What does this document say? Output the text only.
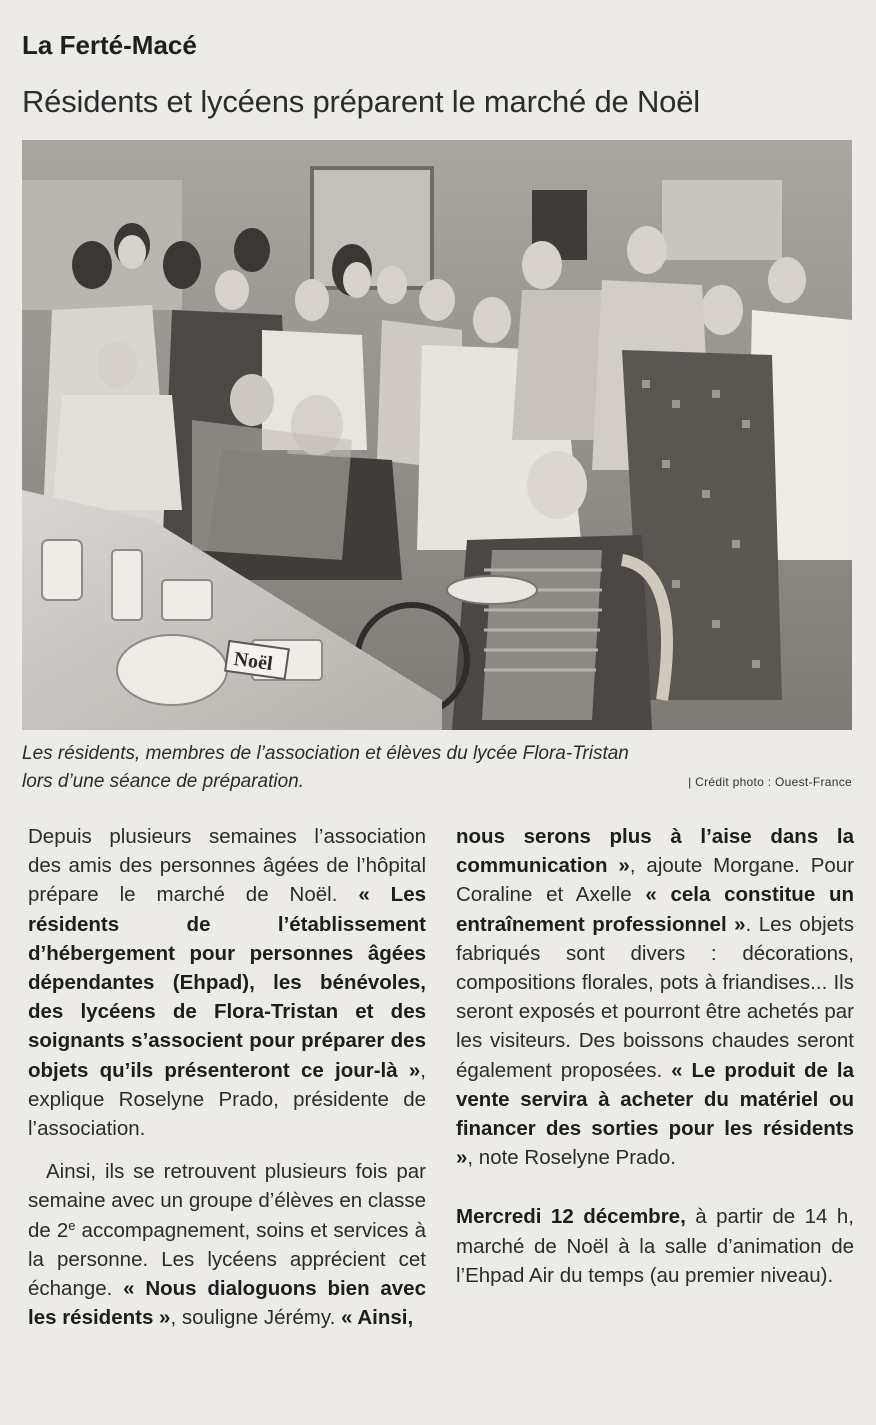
La Ferté-Macé
Résidents et lycéens préparent le marché de Noël
Noël
Les résidents, membres de l’association et élèves du lycée Flora-Tristan
lors d’une séance de préparation.	| Crédit photo : Ouest-France

Depuis plusieurs semaines l’association des amis des personnes âgées de l’hôpital prépare le marché de Noël. « Les résidents de l’établissement d’hébergement pour personnes âgées dépendantes (Ehpad), les bénévoles, des lycéens de Flora-Tristan et des soignants s’associent pour préparer des objets qu’ils présenteront ce jour-là », explique Roselyne Prado, présidente de l’association.

Ainsi, ils se retrouvent plusieurs fois par semaine avec un groupe d’élèves en classe de 2e accompagnement, soins et services à la personne. Les lycéens apprécient cet échange. « Nous dialoguons bien avec les résidents », souligne Jérémy. « Ainsi,

nous serons plus à l’aise dans la communication », ajoute Morgane. Pour Coraline et Axelle « cela constitue un entraînement professionnel ». Les objets fabriqués sont divers : décorations, compositions florales, pots à friandises... Ils seront exposés et pourront être achetés par les visiteurs. Des boissons chaudes seront également proposées. « Le produit de la vente servira à acheter du matériel ou financer des sorties pour les résidents », note Roselyne Prado.

Mercredi 12 décembre, à partir de 14 h, marché de Noël à la salle d’animation de l’Ehpad Air du temps (au premier niveau).
